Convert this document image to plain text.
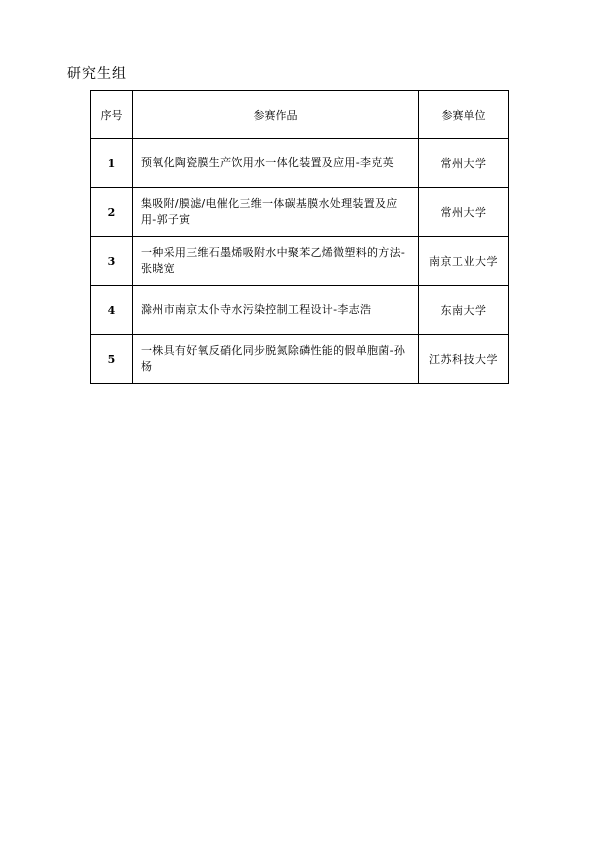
研究生组
序号	参赛作品	参赛单位
1	预氧化陶瓷膜生产饮用水一体化装置及应用-李克英	常州大学
2	集吸附/膜滤/电催化三维一体碳基膜水处理装置及应用-郭子寅	常州大学
3	一种采用三维石墨烯吸附水中聚苯乙烯微塑料的方法-张晓宽	南京工业大学
4	滁州市南京太仆寺水污染控制工程设计-李志浩	东南大学
5	一株具有好氧反硝化同步脱氮除磷性能的假单胞菌-孙杨	江苏科技大学
